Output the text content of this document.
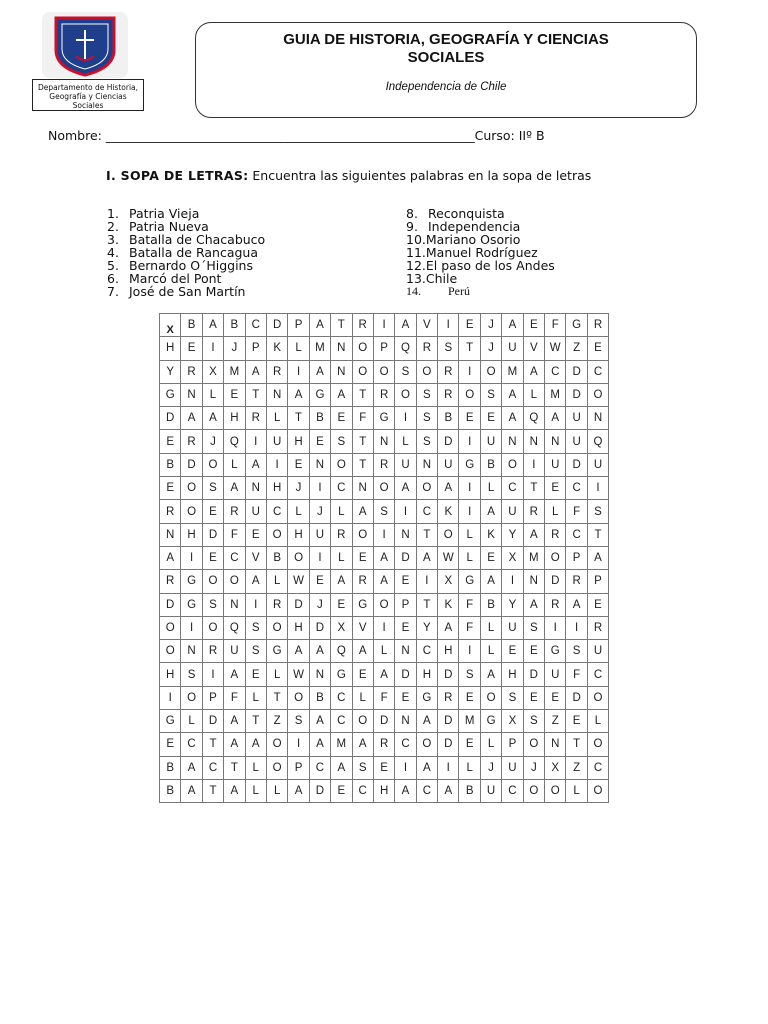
Departamento de Historia, Geografía y Ciencias Sociales
GUIA DE HISTORIA, GEOGRAFÍA Y CIENCIAS SOCIALES
Independencia de Chile
Nombre: ___________________________________________________________Curso: IIº B
I. SOPA DE LETRAS: Encuentra las siguientes palabras en la sopa de letras
1. Patria Vieja
2. Patria Nueva
3. Batalla de Chacabuco
4. Batalla de Rancagua
5. Bernardo O´Higgins
6. Marcó del Pont
7. José de San Martín
8. Reconquista
9. Independencia
10.Mariano Osorio
11.Manuel Rodríguez
12.El paso de los Andes
13.Chile
14. Perú
X	B	A	B	C	D	P	A	T	R	I	A	V	I	E	J	A	E	F	G	R
H	E	I	J	P	K	L	M	N	O	P	Q	R	S	T	J	U	V	W	Z	E
Y	R	X	M	A	R	I	A	N	O	O	S	O	R	I	O	M	A	C	D	C
G	N	L	E	T	N	A	G	A	T	R	O	S	R	O	S	A	L	M	D	O
D	A	A	H	R	L	T	B	E	F	G	I	S	B	E	E	A	Q	A	U	N
E	R	J	Q	I	U	H	E	S	T	N	L	S	D	I	U	N	N	N	U	Q
B	D	O	L	A	I	E	N	O	T	R	U	N	U	G	B	O	I	U	D	U
E	O	S	A	N	H	J	I	C	N	O	A	O	A	I	L	C	T	E	C	I
R	O	E	R	U	C	L	J	L	A	S	I	C	K	I	A	U	R	L	F	S
N	H	D	F	E	O	H	U	R	O	I	N	T	O	L	K	Y	A	R	C	T
A	I	E	C	V	B	O	I	L	E	A	D	A	W	L	E	X	M	O	P	A
R	G	O	O	A	L	W	E	A	R	A	E	I	X	G	A	I	N	D	R	P
D	G	S	N	I	R	D	J	E	G	O	P	T	K	F	B	Y	A	R	A	E
O	I	O	Q	S	O	H	D	X	V	I	E	Y	A	F	L	U	S	I	I	R
O	N	R	U	S	G	A	A	Q	A	L	N	C	H	I	L	E	E	G	S	U
H	S	I	A	E	L	W	N	G	E	A	D	H	D	S	A	H	D	U	F	C
I	O	P	F	L	T	O	B	C	L	F	E	G	R	E	O	S	E	E	D	O
G	L	D	A	T	Z	S	A	C	O	D	N	A	D	M	G	X	S	Z	E	L
E	C	T	A	A	O	I	A	M	A	R	C	O	D	E	L	P	O	N	T	O
B	A	C	T	L	O	P	C	A	S	E	I	A	I	L	J	U	J	X	Z	C
B	A	T	A	L	L	A	D	E	C	H	A	C	A	B	U	C	O	O	L	O
